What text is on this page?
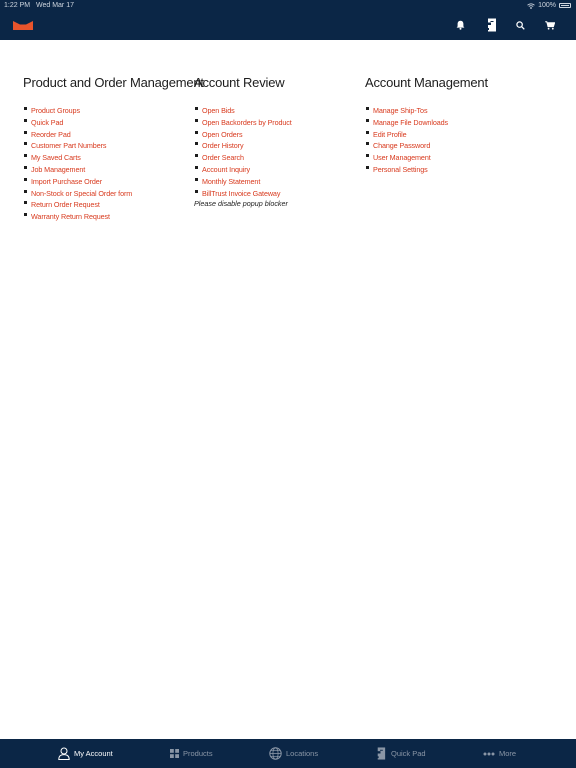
1:22 PM Wed Mar 17	100%
Product and Order Management
Product Groups
Quick Pad
Reorder Pad
Customer Part Numbers
My Saved Carts
Job Management
Import Purchase Order
Non-Stock or Special Order form
Return Order Request
Warranty Return Request
Account Review
Open Bids
Open Backorders by Product
Open Orders
Order History
Order Search
Account Inquiry
Monthly Statement
BillTrust Invoice Gateway
Please disable popup blocker
Account Management
Manage Ship-Tos
Manage File Downloads
Edit Profile
Change Password
User Management
Personal Settings
My Account	Products	Locations	Quick Pad	More
